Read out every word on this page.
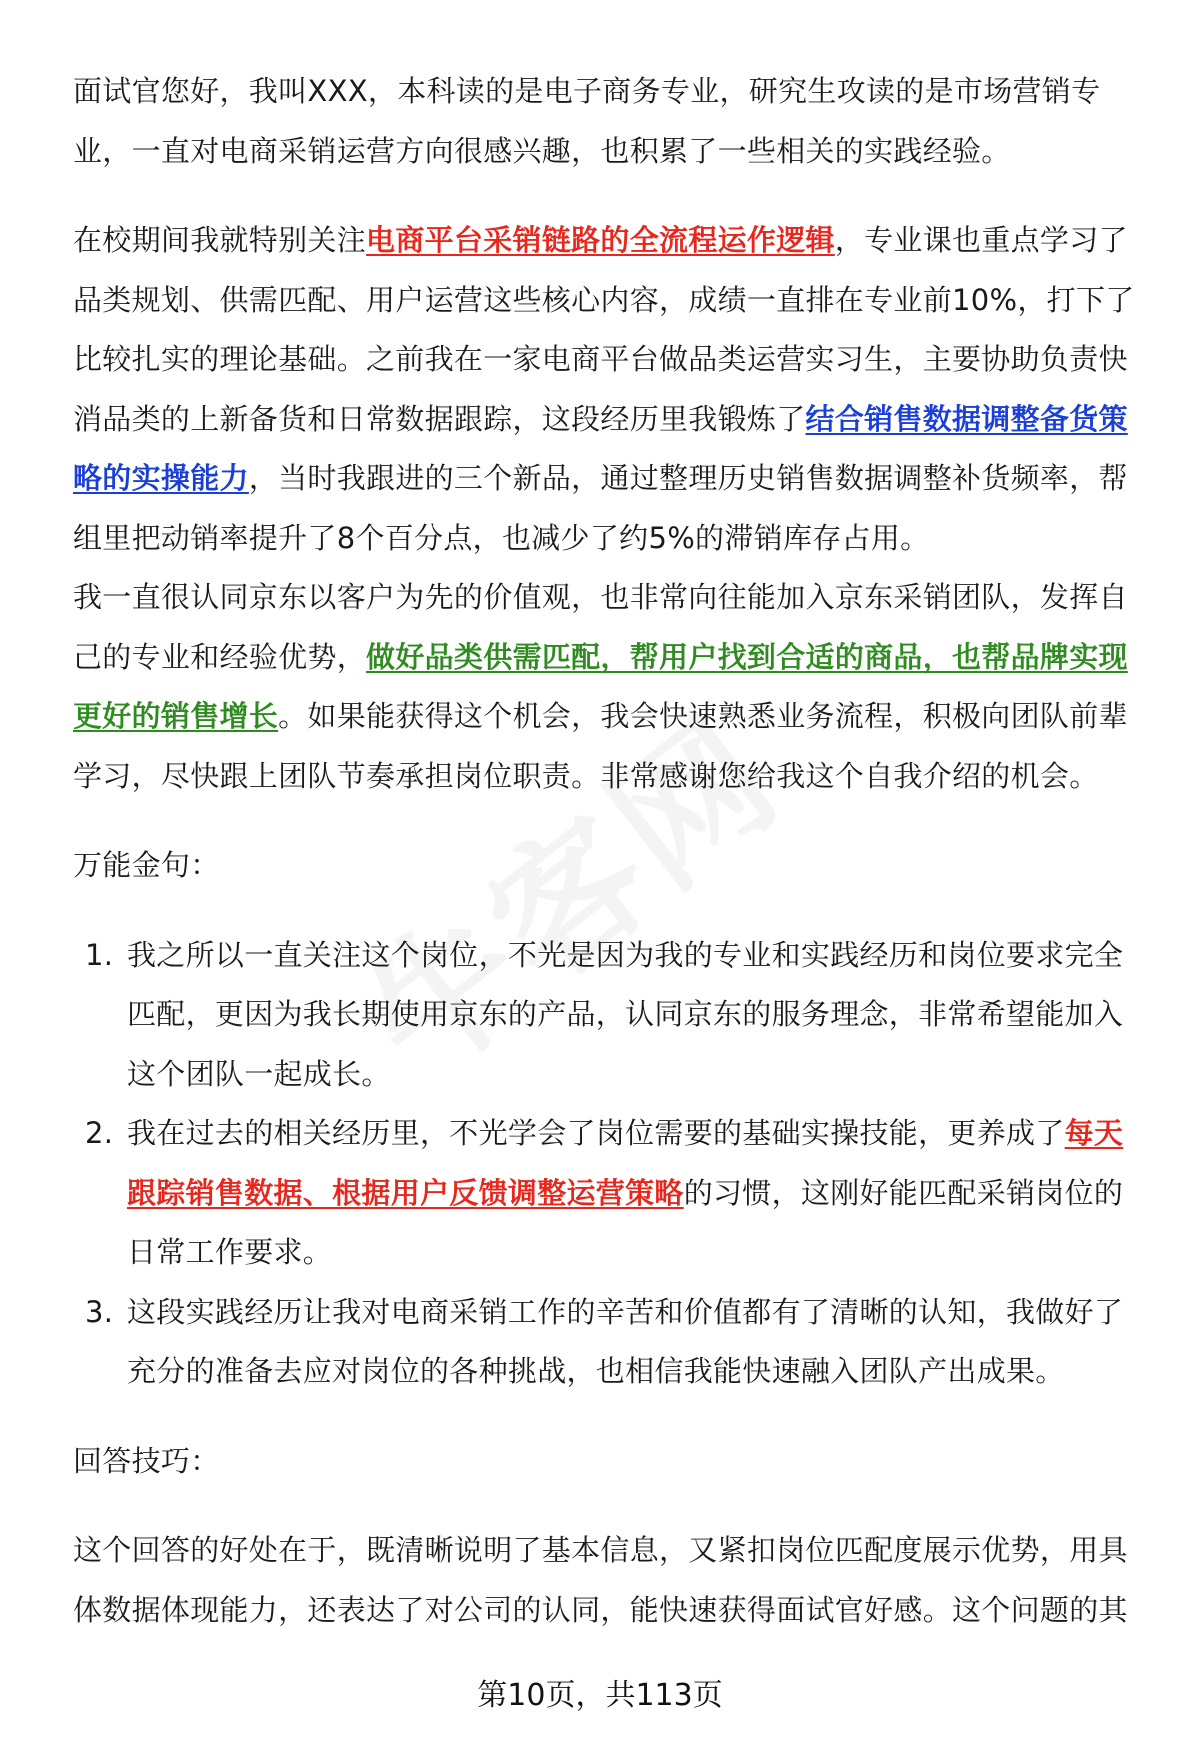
面试官您好，我叫XXX，本科读的是电子商务专业，研究生攻读的是市场营销专业，一直对电商采销运营方向很感兴趣，也积累了一些相关的实践经验。

在校期间我就特别关注电商平台采销链路的全流程运作逻辑，专业课也重点学习了品类规划、供需匹配、用户运营这些核心内容，成绩一直排在专业前10%，打下了比较扎实的理论基础。之前我在一家电商平台做品类运营实习生，主要协助负责快消品类的上新备货和日常数据跟踪，这段经历里我锻炼了结合销售数据调整备货策略的实操能力，当时我跟进的三个新品，通过整理历史销售数据调整补货频率，帮组里把动销率提升了8个百分点，也减少了约5%的滞销库存占用。

我一直很认同京东以客户为先的价值观，也非常向往能加入京东采销团队，发挥自己的专业和经验优势，做好品类供需匹配，帮用户找到合适的商品，也帮品牌实现更好的销售增长。如果能获得这个机会，我会快速熟悉业务流程，积极向团队前辈学习，尽快跟上团队节奏承担岗位职责。非常感谢您给我这个自我介绍的机会。

万能金句：

1. 我之所以一直关注这个岗位，不光是因为我的专业和实践经历和岗位要求完全匹配，更因为我长期使用京东的产品，认同京东的服务理念，非常希望能加入这个团队一起成长。
2. 我在过去的相关经历里，不光学会了岗位需要的基础实操技能，更养成了每天跟踪销售数据、根据用户反馈调整运营策略的习惯，这刚好能匹配采销岗位的日常工作要求。
3. 这段实践经历让我对电商采销工作的辛苦和价值都有了清晰的认知，我做好了充分的准备去应对岗位的各种挑战，也相信我能快速融入团队产出成果。

回答技巧：

这个回答的好处在于，既清晰说明了基本信息，又紧扣岗位匹配度展示优势，用具体数据体现能力，还表达了对公司的认同，能快速获得面试官好感。这个问题的其

第10页，共113页
